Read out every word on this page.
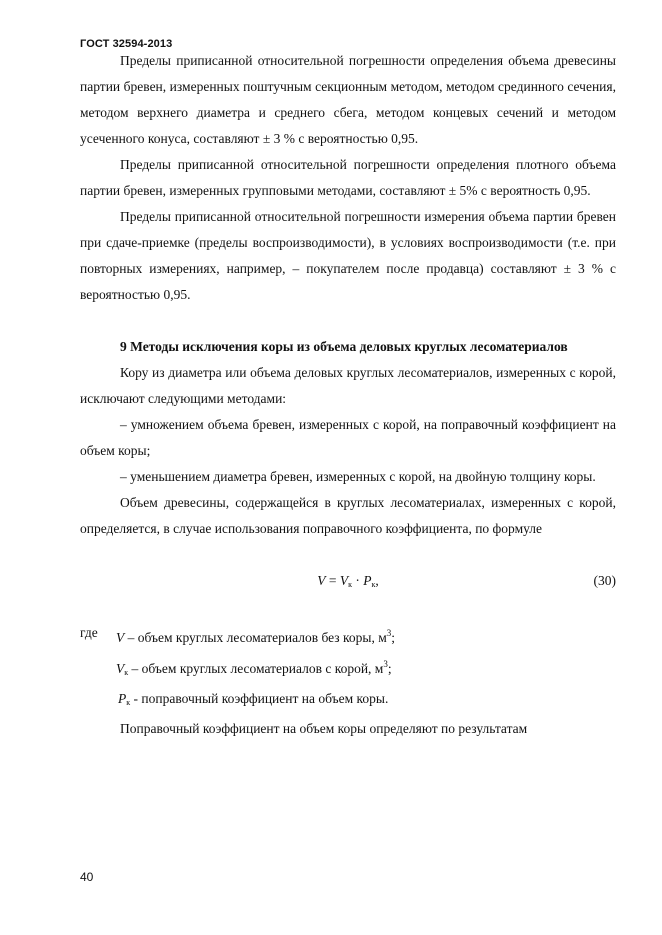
ГОСТ 32594-2013

Пределы приписанной относительной погрешности определения объема древесины партии бревен, измеренных поштучным секционным методом, методом срединного сечения, методом верхнего диаметра и среднего сбега, методом концевых сечений и методом усеченного конуса, составляют ± 3 % с вероятностью 0,95.

Пределы приписанной относительной погрешности определения плотного объема партии бревен, измеренных групповыми методами, составляют ± 5% с вероятность 0,95.

Пределы приписанной относительной погрешности измерения объема партии бревен при сдаче-приемке (пределы воспроизводимости), в условиях воспроизводимости (т.е. при повторных измерениях, например, – покупателем после продавца) составляют ± 3 % с вероятностью 0,95.

9 Методы исключения коры из объема деловых круглых лесоматериалов

Кору из диаметра или объема деловых круглых лесоматериалов, измеренных с корой, исключают следующими методами:

– умножением объема бревен, измеренных с корой, на поправочный коэффициент на объем коры;

– уменьшением диаметра бревен, измеренных с корой, на двойную толщину коры.

Объем древесины, содержащейся в круглых лесоматериалах, измеренных с корой, определяется, в случае использования поправочного коэффициента, по формуле

$V = V_к \cdot P_к$,	(30)

где V – объем круглых лесоматериалов без коры, $м^3$;

$V_к$ – объем круглых лесоматериалов с корой, $м^3$;

$P_к$ - поправочный коэффициент на объем коры.

Поправочный коэффициент на объем коры определяют по результатам

40
